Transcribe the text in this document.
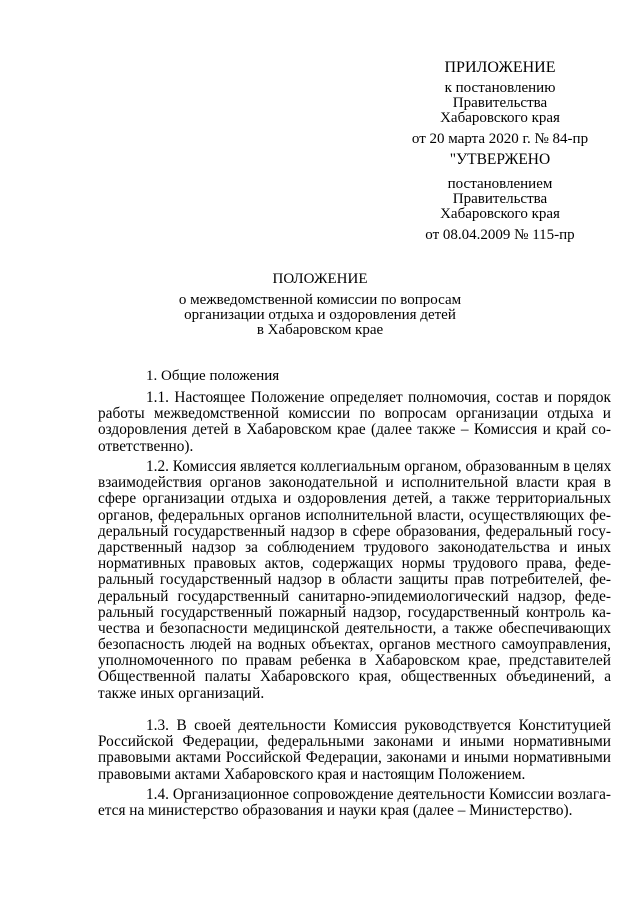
ПРИЛОЖЕНИЕ
к постановлению
Правительства
Хабаровского края
от 20 марта 2020 г. № 84-пр
"УТВЕРЖЕНО
постановлением
Правительства
Хабаровского края
от 08.04.2009 № 115-пр
ПОЛОЖЕНИЕ
о межведомственной комиссии по вопросам
организации отдыха и оздоровления детей
в Хабаровском крае
1. Общие положения
1.1. Настоящее Положение определяет полномочия, состав и порядок
работы межведомственной комиссии по вопросам организации отдыха и
оздоровления детей в Хабаровском крае (далее также – Комиссия и край со-
ответственно).
1.2. Комиссия является коллегиальным органом, образованным в целях
взаимодействия органов законодательной и исполнительной власти края в
сфере организации отдыха и оздоровления детей, а также территориальных
органов, федеральных органов исполнительной власти, осуществляющих фе-
деральный государственный надзор в сфере образования, федеральный госу-
дарственный надзор за соблюдением трудового законодательства и иных
нормативных правовых актов, содержащих нормы трудового права, феде-
ральный государственный надзор в области защиты прав потребителей, фе-
деральный государственный санитарно-эпидемиологический надзор, феде-
ральный государственный пожарный надзор, государственный контроль ка-
чества и безопасности медицинской деятельности, а также обеспечивающих
безопасность людей на водных объектах, органов местного самоуправления,
уполномоченного по правам ребенка в Хабаровском крае, представителей
Общественной палаты Хабаровского края, общественных объединений, а
также иных организаций.
1.3. В своей деятельности Комиссия руководствуется Конституцией
Российской Федерации, федеральными законами и иными нормативными
правовыми актами Российской Федерации, законами и иными нормативными
правовыми актами Хабаровского края и настоящим Положением.
1.4. Организационное сопровождение деятельности Комиссии возлага-
ется на министерство образования и науки края (далее – Министерство).
